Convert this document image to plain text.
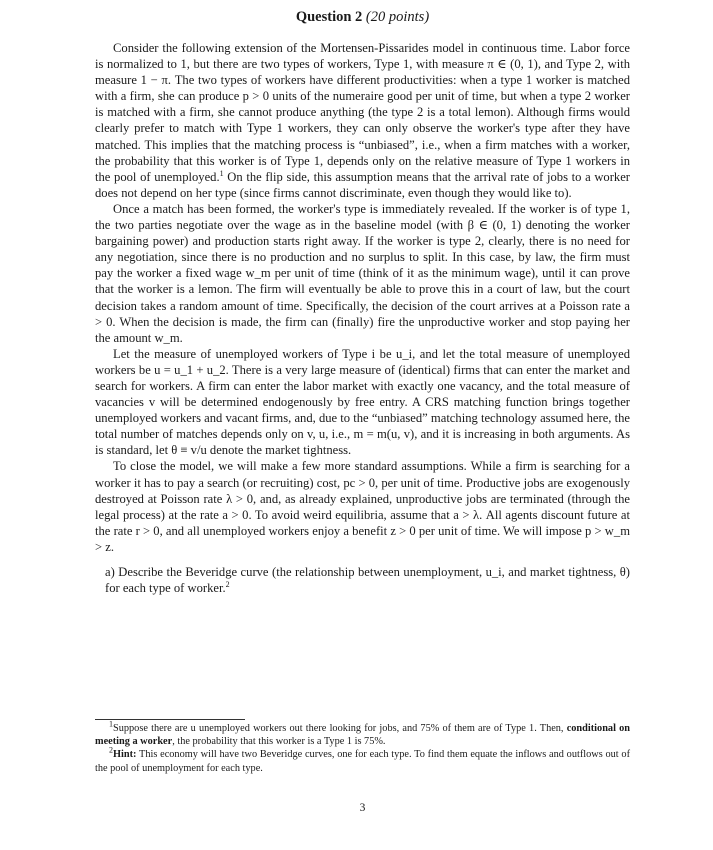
Question 2 (20 points)

Consider the following extension of the Mortensen-Pissarides model in continuous time. Labor force is normalized to 1, but there are two types of workers, Type 1, with measure π ∈ (0, 1), and Type 2, with measure 1 − π. The two types of workers have different productivities: when a type 1 worker is matched with a firm, she can produce p > 0 units of the numeraire good per unit of time, but when a type 2 worker is matched with a firm, she cannot produce anything (the type 2 is a total lemon). Although firms would clearly prefer to match with Type 1 workers, they can only observe the worker's type after they have matched. This implies that the matching process is “unbiased”, i.e., when a firm matches with a worker, the probability that this worker is of Type 1, depends only on the relative measure of Type 1 workers in the pool of unemployed.$^1$ On the flip side, this assumption means that the arrival rate of jobs to a worker does not depend on her type (since firms cannot discriminate, even though they would like to).

Once a match has been formed, the worker's type is immediately revealed. If the worker is of type 1, the two parties negotiate over the wage as in the baseline model (with β ∈ (0, 1) denoting the worker bargaining power) and production starts right away. If the worker is type 2, clearly, there is no need for any negotiation, since there is no production and no surplus to split. In this case, by law, the firm must pay the worker a fixed wage w_m per unit of time (think of it as the minimum wage), until it can prove that the worker is a lemon. The firm will eventually be able to prove this in a court of law, but the court decision takes a random amount of time. Specifically, the decision of the court arrives at a Poisson rate a > 0. When the decision is made, the firm can (finally) fire the unproductive worker and stop paying her the amount w_m.

Let the measure of unemployed workers of Type i be u_i, and let the total measure of unemployed workers be u = u_1 + u_2. There is a very large measure of (identical) firms that can enter the market and search for workers. A firm can enter the labor market with exactly one vacancy, and the total measure of vacancies v will be determined endogenously by free entry. A CRS matching function brings together unemployed workers and vacant firms, and, due to the “unbiased” matching technology assumed here, the total number of matches depends only on v, u, i.e., m = m(u, v), and it is increasing in both arguments. As is standard, let θ ≡ v/u denote the market tightness.

To close the model, we will make a few more standard assumptions. While a firm is searching for a worker it has to pay a search (or recruiting) cost, pc > 0, per unit of time. Productive jobs are exogenously destroyed at Poisson rate λ > 0, and, as already explained, unproductive jobs are terminated (through the legal process) at the rate a > 0. To avoid weird equilibria, assume that a > λ. All agents discount future at the rate r > 0, and all unemployed workers enjoy a benefit z > 0 per unit of time. We will impose p > w_m > z.

a) Describe the Beveridge curve (the relationship between unemployment, u_i, and market tightness, θ) for each type of worker.$^2$

$^1$Suppose there are u unemployed workers out there looking for jobs, and 75% of them are of Type 1. Then, conditional on meeting a worker, the probability that this worker is a Type 1 is 75%.

$^2$Hint: This economy will have two Beveridge curves, one for each type. To find them equate the inflows and outflows out of the pool of unemployment for each type.

3
